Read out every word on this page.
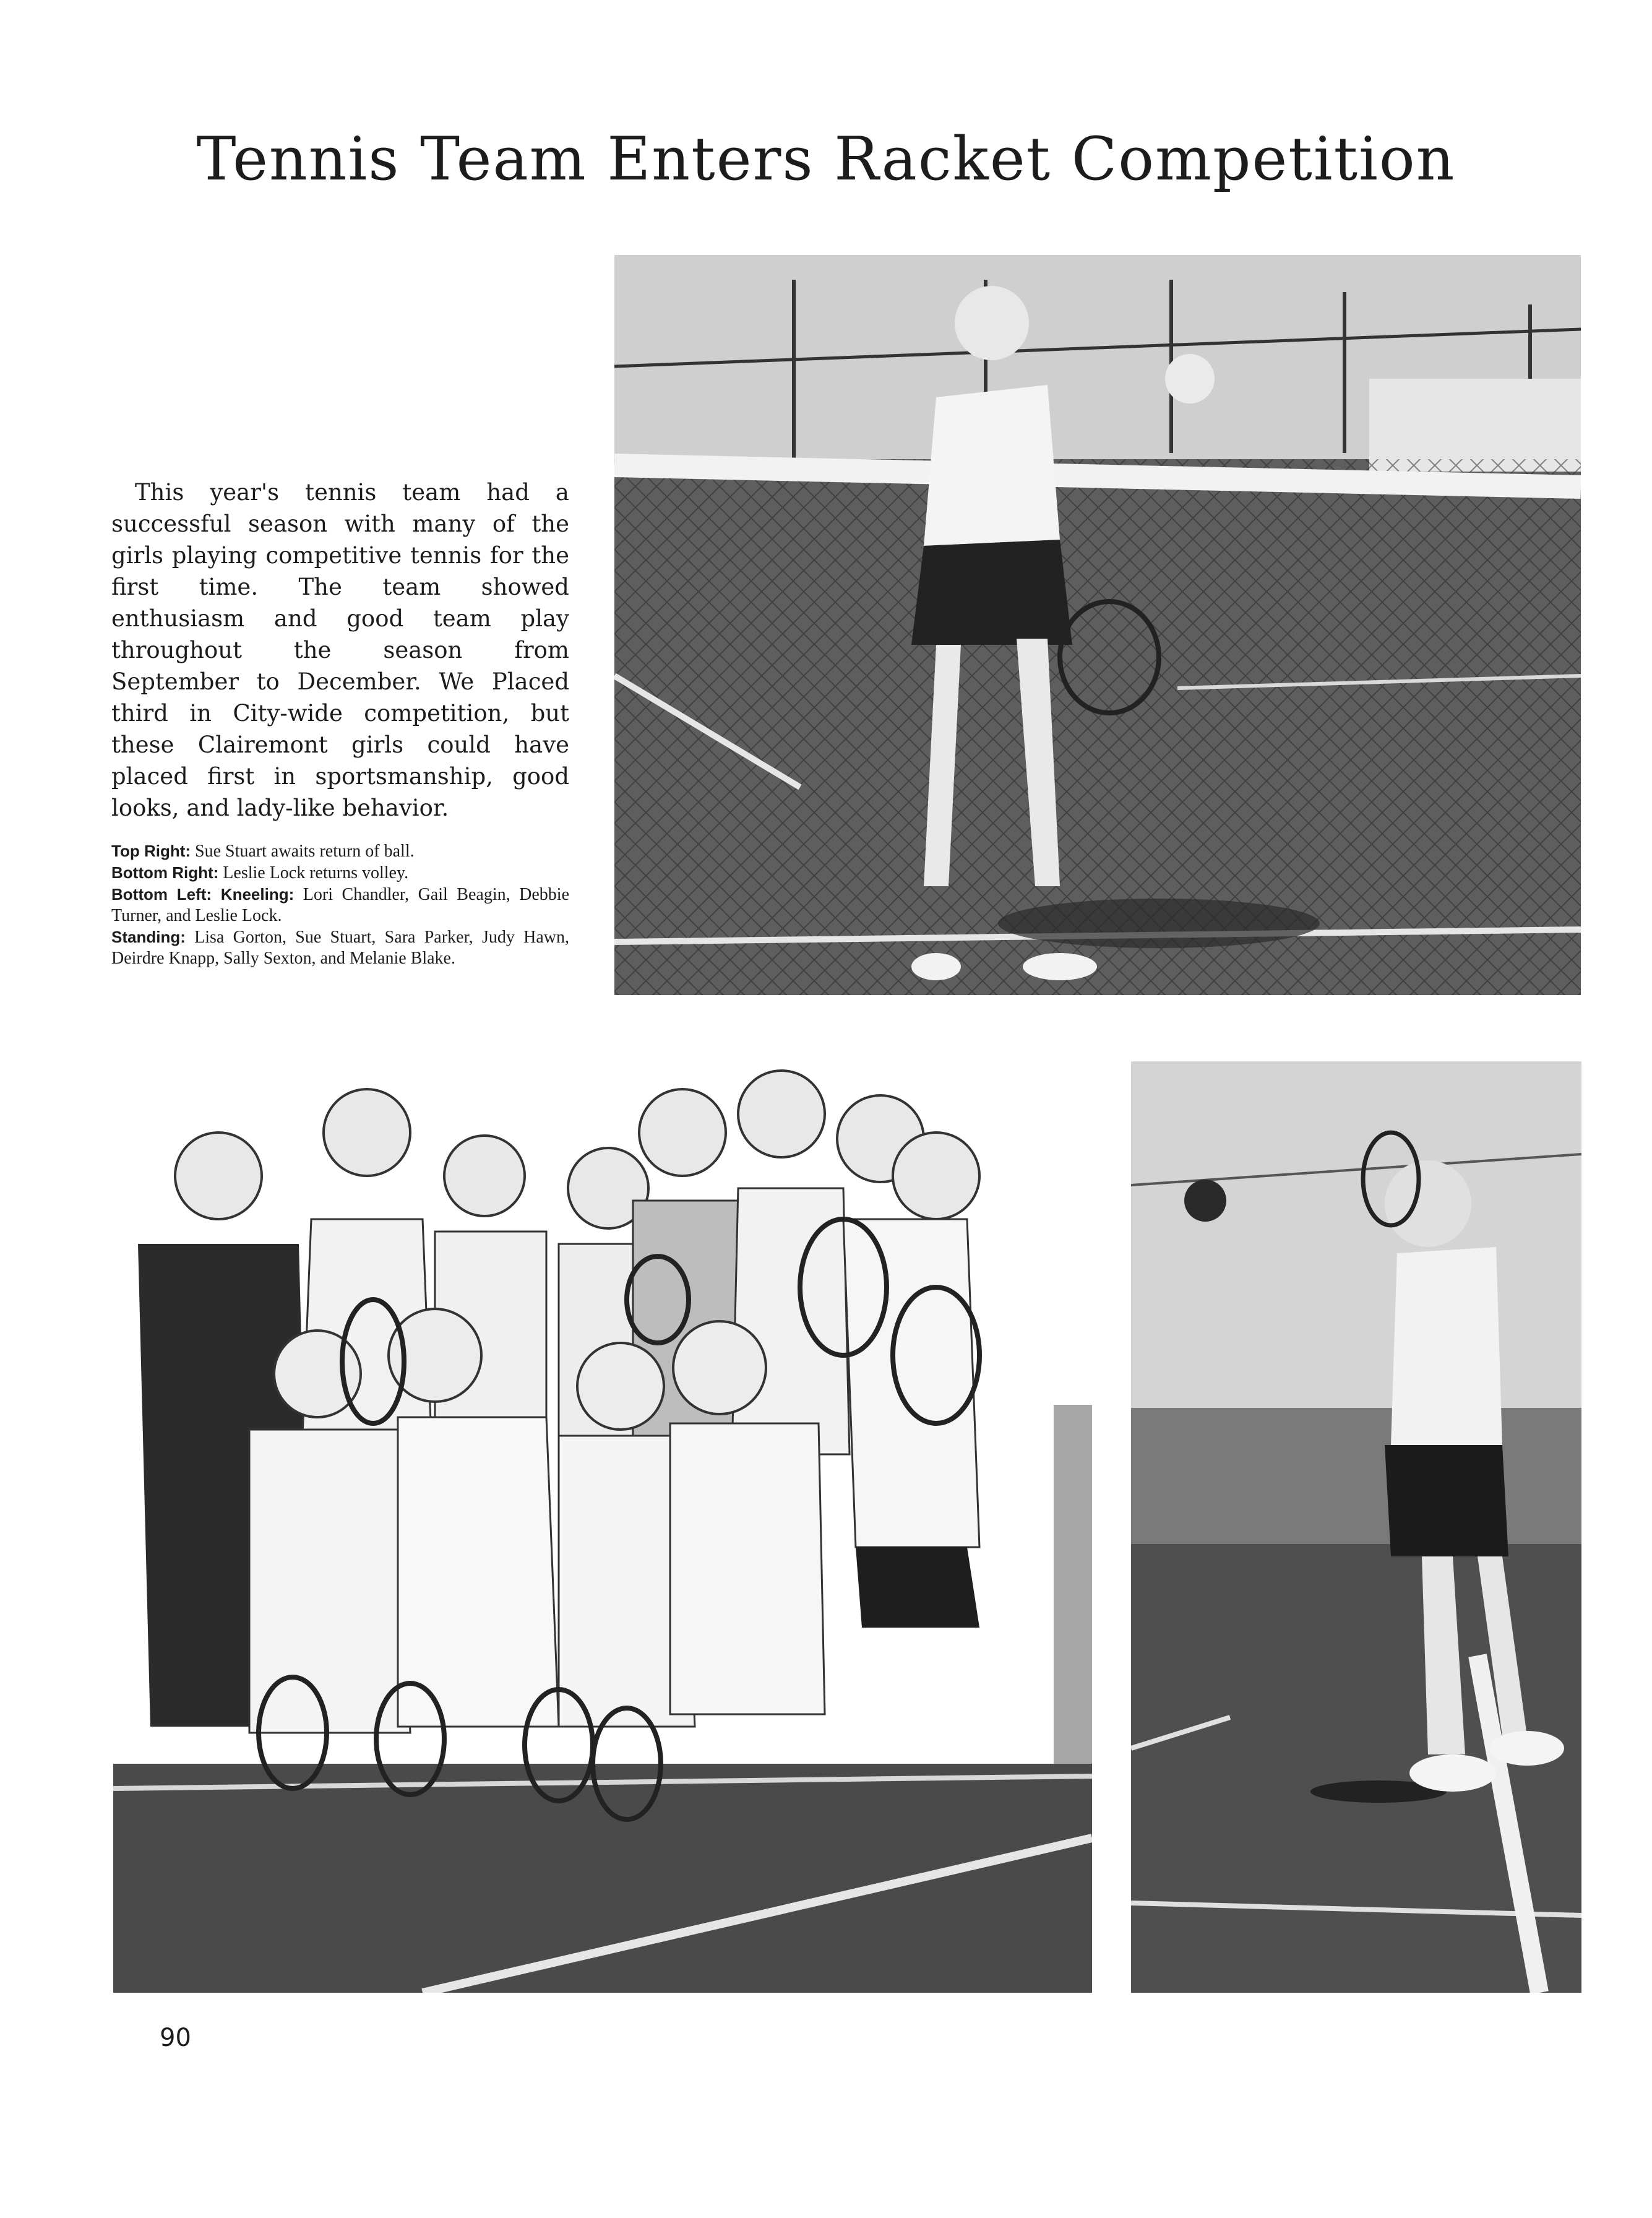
Tennis Team Enters Racket Competition
This year's tennis team had a successful season with many of the girls playing competitive tennis for the first time. The team showed enthusiasm and good team play throughout the season from September to December. We Placed third in City-wide competition, but these Clairemont girls could have placed first in sportsmanship, good looks, and lady-like behavior.

Top Right: Sue Stuart awaits return of ball.

Bottom Right: Leslie Lock returns volley.

Bottom Left: Kneeling: Lori Chandler, Gail Beagin, Debbie Turner, and Leslie Lock.

Standing: Lisa Gorton, Sue Stuart, Sara Parker, Judy Hawn, Deirdre Knapp, Sally Sexton, and Melanie Blake.

90
